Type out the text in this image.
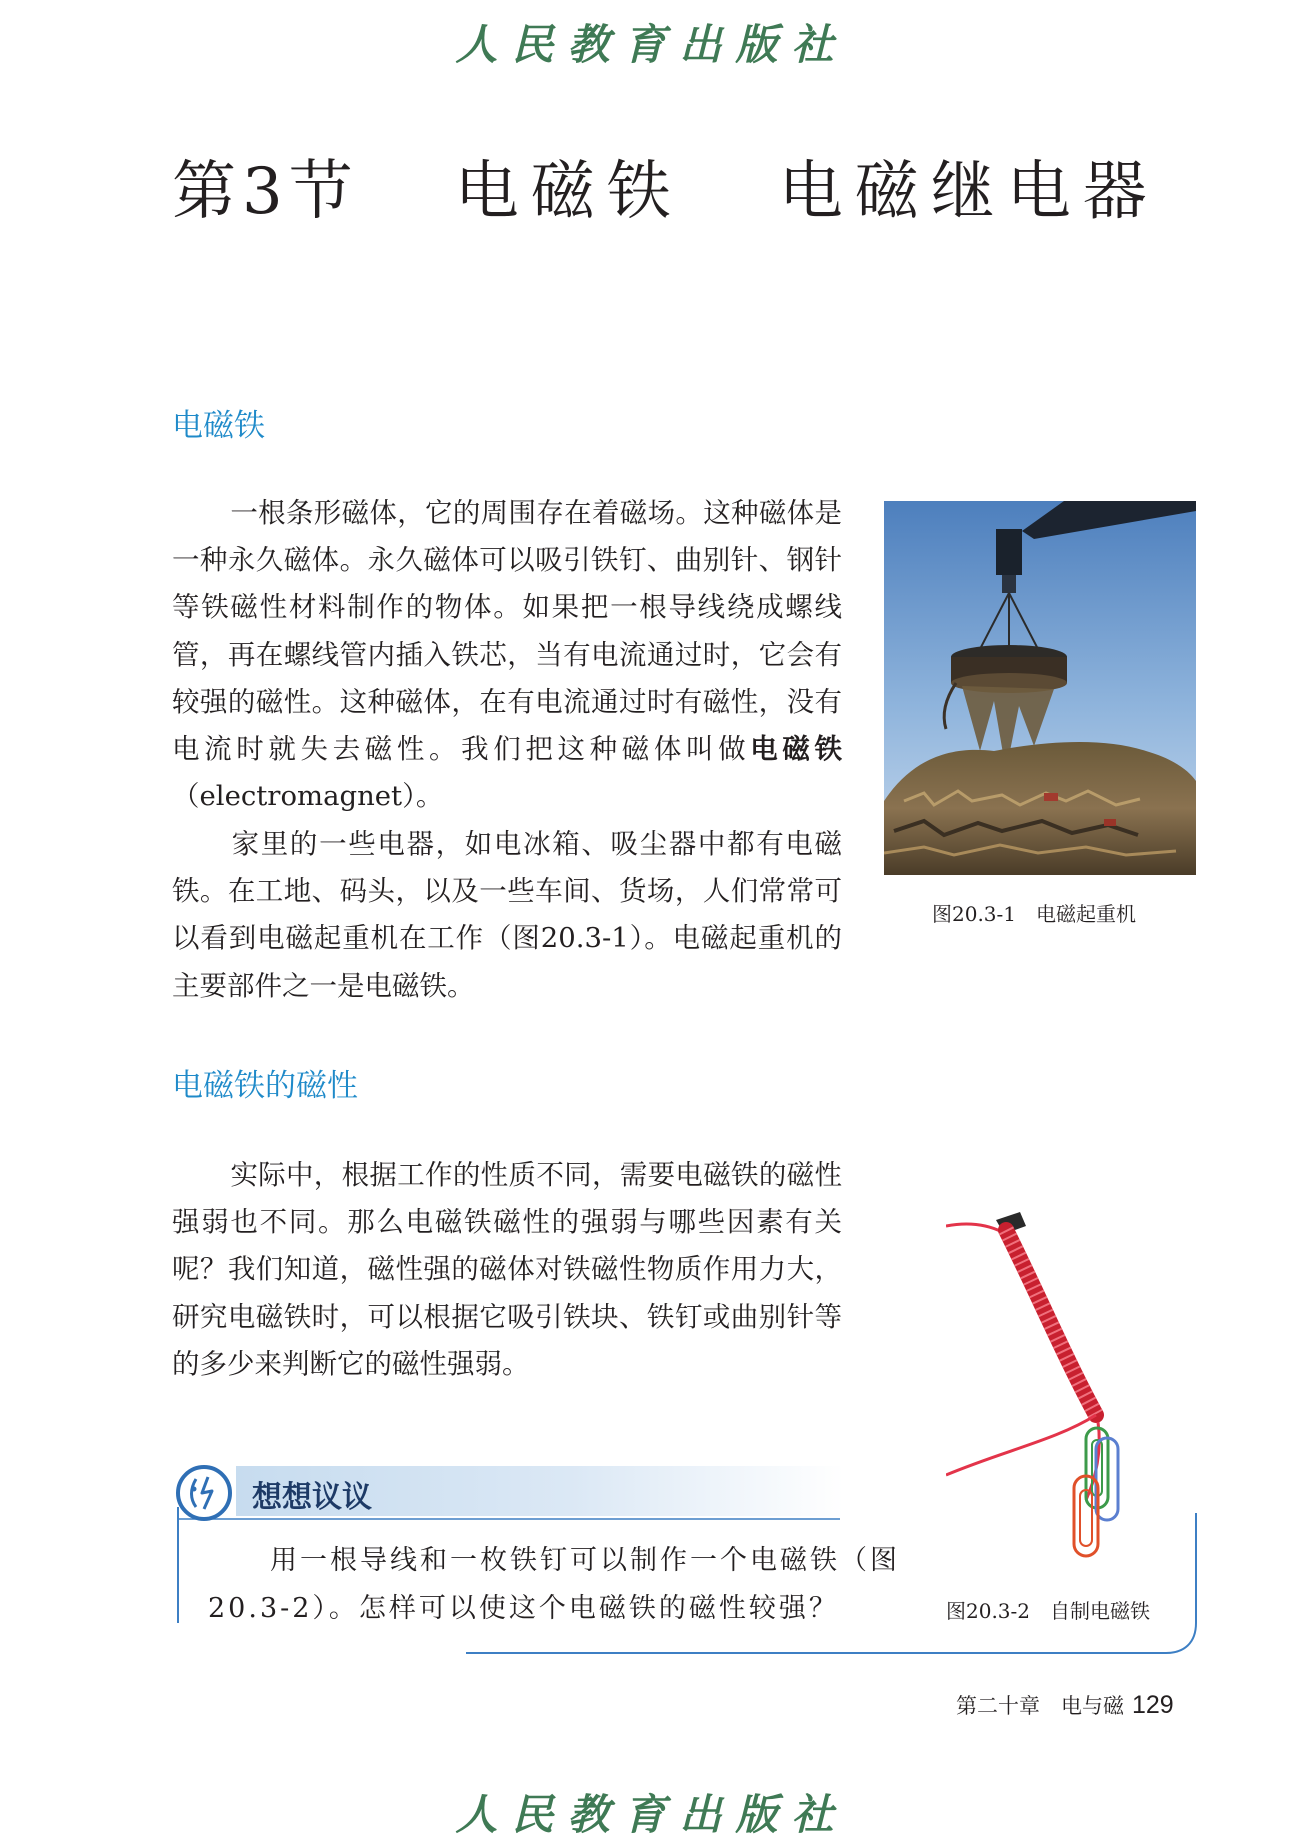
人民教育出版社
第3节 电磁铁 电磁继电器
电磁铁
一根条形磁体，它的周围存在着磁场。这种磁体是一种永久磁体。永久磁体可以吸引铁钉、曲别针、钢针等铁磁性材料制作的物体。如果把一根导线绕成螺线管，再在螺线管内插入铁芯，当有电流通过时，它会有较强的磁性。这种磁体，在有电流通过时有磁性，没有电流时就失去磁性。我们把这种磁体叫做电磁铁（electromagnet）。
家里的一些电器，如电冰箱、吸尘器中都有电磁铁。在工地、码头，以及一些车间、货场，人们常常可以看到电磁起重机在工作（图20.3-1）。电磁起重机的主要部件之一是电磁铁。
图20.3-1　电磁起重机
电磁铁的磁性
实际中，根据工作的性质不同，需要电磁铁的磁性强弱也不同。那么电磁铁磁性的强弱与哪些因素有关呢？我们知道，磁性强的磁体对铁磁性物质作用力大，研究电磁铁时，可以根据它吸引铁块、铁钉或曲别针等的多少来判断它的磁性强弱。
图20.3-2　自制电磁铁
想想议议
用一根导线和一枚铁钉可以制作一个电磁铁（图20.3-2）。怎样可以使这个电磁铁的磁性较强？
第二十章　电与磁 129
人民教育出版社
